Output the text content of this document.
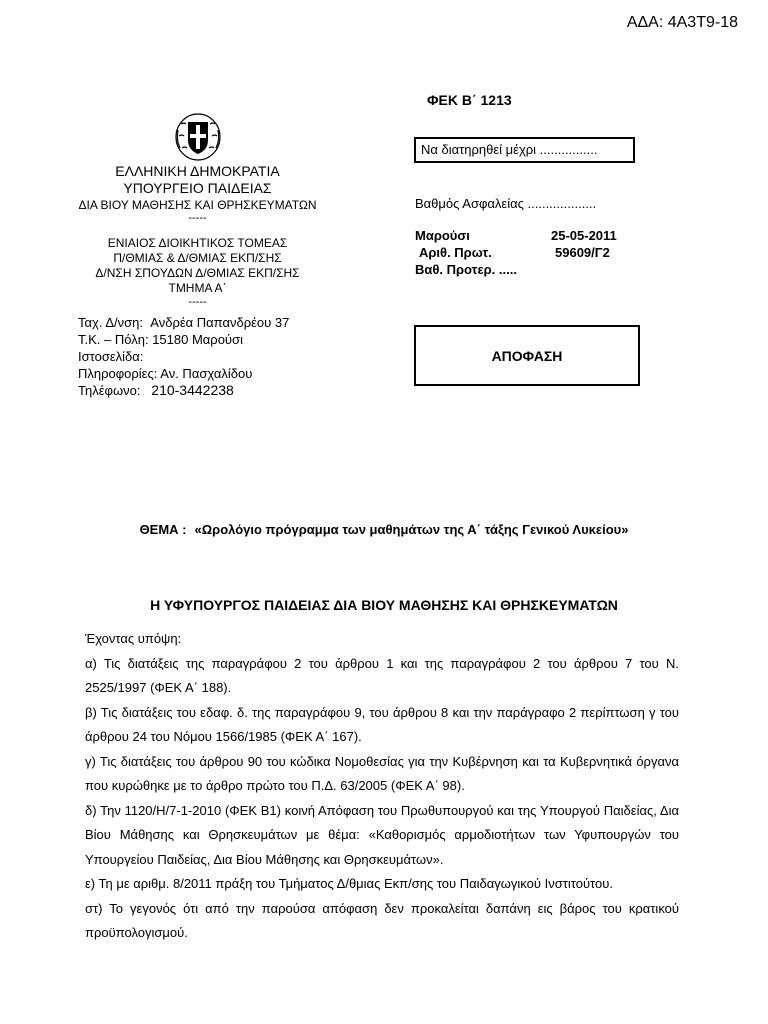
ΑΔΑ: 4Α3Τ9-18
ΦΕΚ Β΄ 1213
ΕΛΛΗΝΙΚΗ ΔΗΜΟΚΡΑΤΙΑ
ΥΠΟΥΡΓΕΙΟ ΠΑΙΔΕΙΑΣ
ΔΙΑ ΒΙΟΥ ΜΑΘΗΣΗΣ ΚΑΙ ΘΡΗΣΚΕΥΜΑΤΩΝ
-----
ΕΝΙΑΙΟΣ ΔΙΟΙΚΗΤΙΚΟΣ ΤΟΜΕΑΣ
Π/ΘΜΙΑΣ & Δ/ΘΜΙΑΣ ΕΚΠ/ΣΗΣ
Δ/ΝΣΗ ΣΠΟΥΔΩΝ Δ/ΘΜΙΑΣ ΕΚΠ/ΣΗΣ
ΤΜΗΜΑ Α΄
-----
Ταχ. Δ/νση: Ανδρέα Παπανδρέου 37
Τ.Κ. – Πόλη: 15180 Μαρούσι
Ιστοσελίδα:
Πληροφορίες: Αν. Πασχαλίδου
Τηλέφωνο: 210-3442238
Να διατηρηθεί μέχρι ................
Βαθμός Ασφαλείας ...................
Μαρούσι	25-05-2011
Αριθ. Πρωτ.	59609/Γ2
Βαθ. Προτερ. .....
ΑΠΟΦΑΣΗ
ΘΕΜΑ : «Ωρολόγιο πρόγραμμα των μαθημάτων της Α΄ τάξης Γενικού Λυκείου»
Η ΥΦΥΠΟΥΡΓΟΣ ΠΑΙΔΕΙΑΣ ΔΙΑ ΒΙΟΥ ΜΑΘΗΣΗΣ ΚΑΙ ΘΡΗΣΚΕΥΜΑΤΩΝ

Έχοντας υπόψη:

α) Τις διατάξεις της παραγράφου 2 του άρθρου 1 και της παραγράφου 2 του άρθρου 7 του Ν. 2525/1997 (ΦΕΚ Α΄ 188).

β) Τις διατάξεις του εδαφ. δ. της παραγράφου 9, του άρθρου 8 και την παράγραφο 2 περίπτωση γ του άρθρου 24 του Νόμου 1566/1985 (ΦΕΚ Α΄ 167).

γ) Τις διατάξεις του άρθρου 90 του κώδικα Νομοθεσίας για την Κυβέρνηση και τα Κυβερνητικά όργανα που κυρώθηκε με το άρθρο πρώτο του Π.Δ. 63/2005 (ΦΕΚ Α΄ 98).

δ) Την 1120/Η/7-1-2010 (ΦΕΚ Β1) κοινή Απόφαση του Πρωθυπουργού και της Υπουργού Παιδείας, Δια Βίου Μάθησης και Θρησκευμάτων με θέμα: «Καθορισμός αρμοδιοτήτων των Υφυπουργών του Υπουργείου Παιδείας, Δια Βίου Μάθησης και Θρησκευμάτων».

ε) Τη με αριθμ. 8/2011 πράξη του Τμήματος Δ/θμιας Εκπ/σης του Παιδαγωγικού Ινστιτούτου.

στ) Το γεγονός ότι από την παρούσα απόφαση δεν προκαλείται δαπάνη εις βάρος του κρατικού προϋπολογισμού.
